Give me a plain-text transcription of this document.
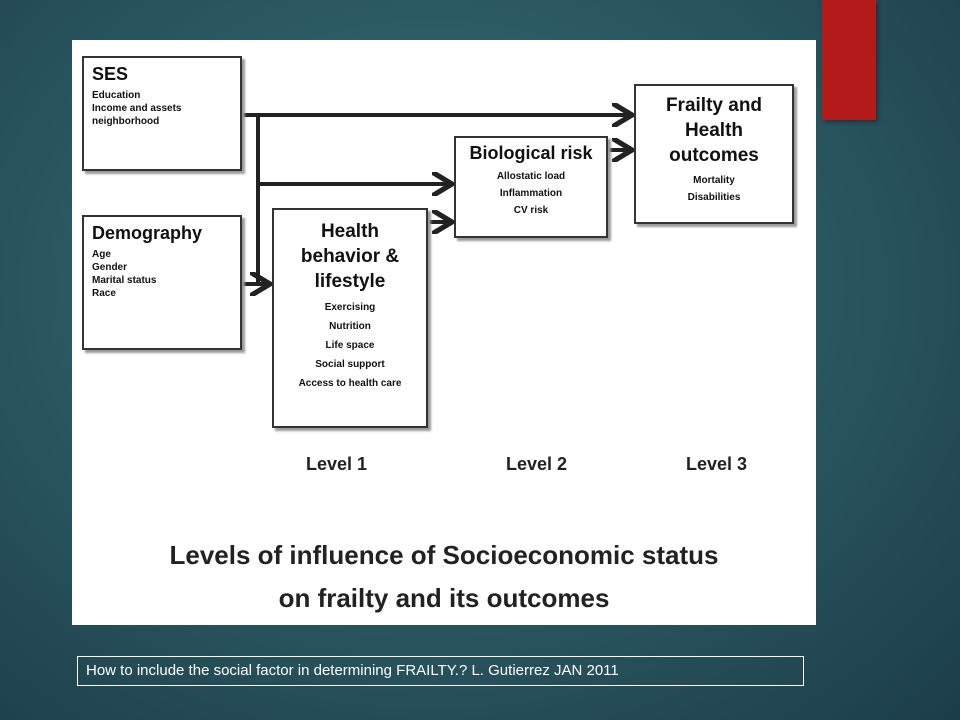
SES
Education
Income and assets
neighborhood
Demography
Age
Gender
Marital status
Race
Health
behavior &
lifestyle
Exercising
Nutrition
Life space
Social support
Access to health care
Biological risk
Allostatic load
Inflammation
CV risk
Frailty and
Health
outcomes
Mortality
Disabilities
Level 1	Level 2	Level 3
Levels of influence of Socioeconomic status
on frailty and its outcomes
How to include the social factor in determining FRAILTY.? L. Gutierrez JAN 2011
